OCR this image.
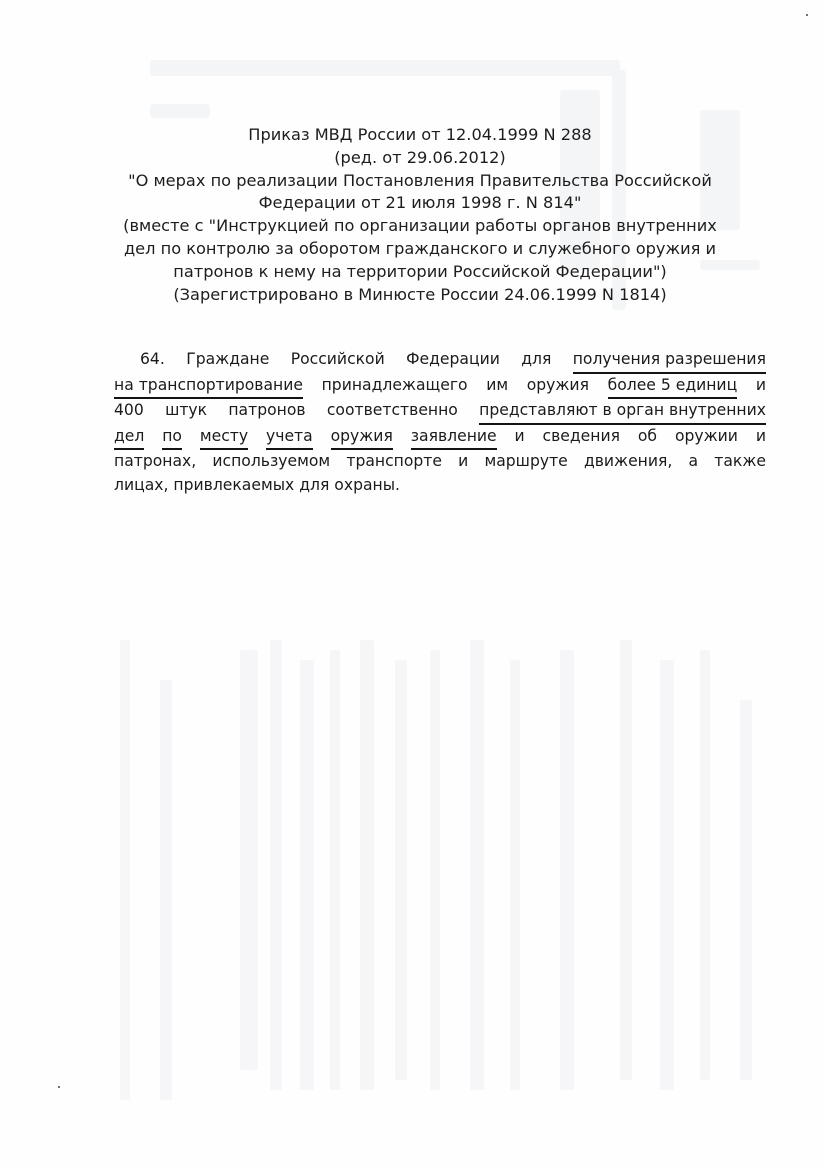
Приказ МВД России от 12.04.1999 N 288
(ред. от 29.06.2012)
"О мерах по реализации Постановления Правительства Российской
Федерации от 21 июля 1998 г. N 814"
(вместе с "Инструкцией по организации работы органов внутренних
дел по контролю за оборотом гражданского и служебного оружия и
патронов к нему на территории Российской Федерации")
(Зарегистрировано в Минюсте России 24.06.1999 N 1814)
64. Граждане Российской Федерации для получения разрешения
на транспортирование принадлежащего им оружия более 5 единиц и
400 штук патронов соответственно представляют в орган внутренних
дел по месту учета оружия заявление и сведения об оружии и
патронах, используемом транспорте и маршруте движения, а также
лицах, привлекаемых для охраны.
